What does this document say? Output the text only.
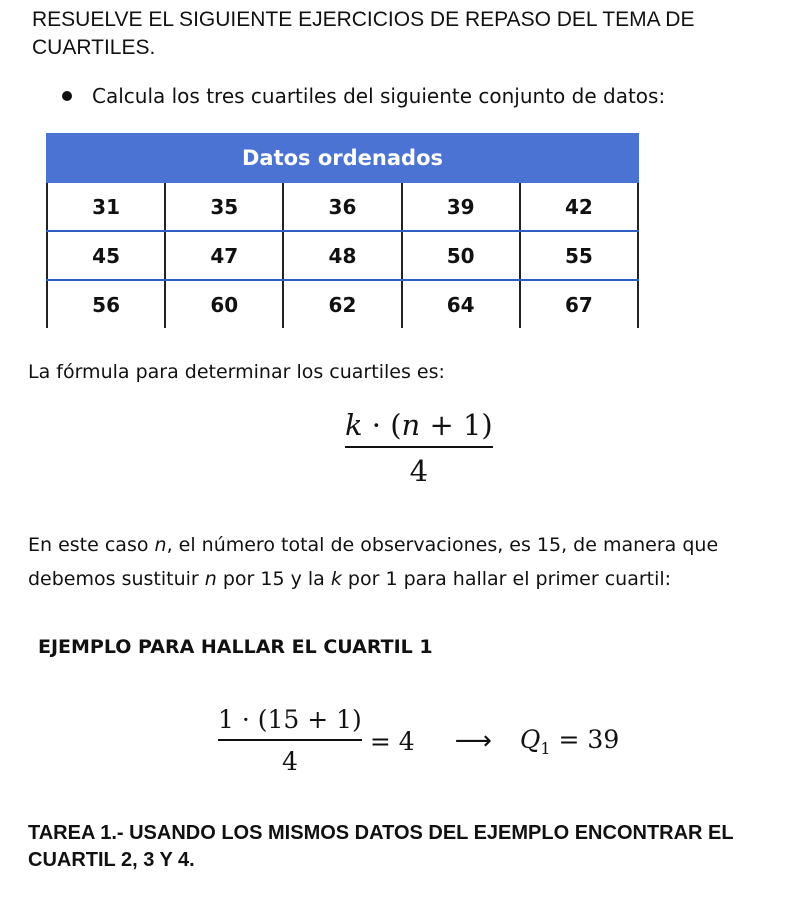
RESUELVE EL SIGUIENTE EJERCICIOS DE REPASO DEL TEMA DE CUARTILES.
Calcula los tres cuartiles del siguiente conjunto de datos:
Datos ordenados				
31	35	36	39	42
45	47	48	50	55
56	60	62	64	67
La fórmula para determinar los cuartiles es:
$\frac{k \cdot (n + 1)}{4}$
En este caso n, el número total de observaciones, es 15, de manera que debemos sustituir n por 15 y la k por 1 para hallar el primer cuartil:
EJEMPLO PARA HALLAR EL CUARTIL 1
$\frac{1 \cdot (15 + 1)}{4} = 4$ ⟶ $Q_1 = 39$
TAREA 1.- USANDO LOS MISMOS DATOS DEL EJEMPLO ENCONTRAR EL CUARTIL 2, 3 Y 4.
